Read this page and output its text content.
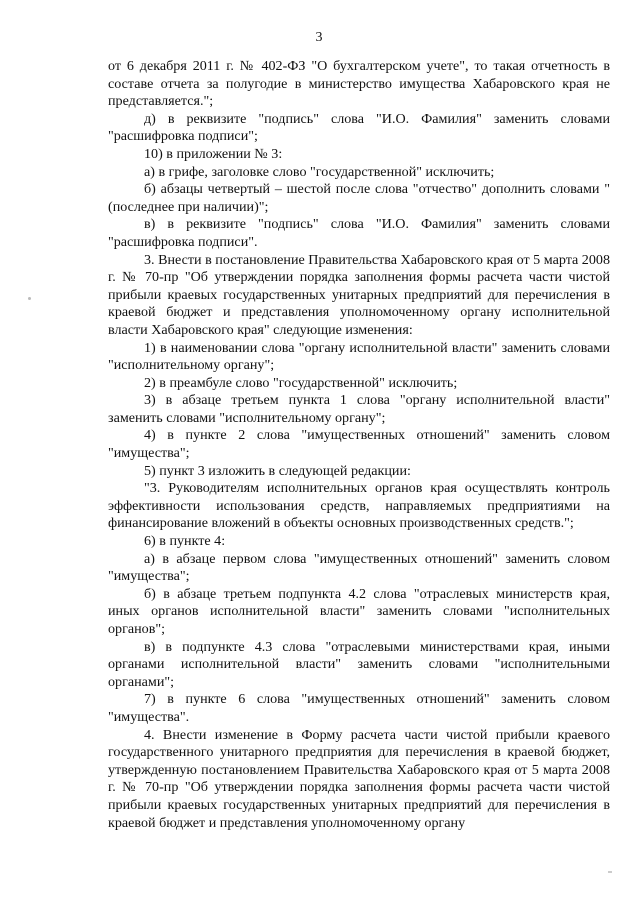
3

от 6 декабря 2011 г. № 402-ФЗ "О бухгалтерском учете", то такая отчетность в составе отчета за полугодие в министерство имущества Хабаровского края не представляется.";

д) в реквизите "подпись" слова "И.О. Фамилия" заменить словами "расшифровка подписи";

10) в приложении № 3:

а) в грифе, заголовке слово "государственной" исключить;

б) абзацы четвертый – шестой после слова "отчество" дополнить словами "(последнее при наличии)";

в) в реквизите "подпись" слова "И.О. Фамилия" заменить словами "расшифровка подписи".

3. Внести в постановление Правительства Хабаровского края от 5 марта 2008 г. № 70-пр "Об утверждении порядка заполнения формы расчета части чистой прибыли краевых государственных унитарных предприятий для перечисления в краевой бюджет и представления уполномоченному органу исполнительной власти Хабаровского края" следующие изменения:

1) в наименовании слова "органу исполнительной власти" заменить словами "исполнительному органу";

2) в преамбуле слово "государственной" исключить;

3) в абзаце третьем пункта 1 слова "органу исполнительной власти" заменить словами "исполнительному органу";

4) в пункте 2 слова "имущественных отношений" заменить словом "имущества";

5) пункт 3 изложить в следующей редакции:

"3. Руководителям исполнительных органов края осуществлять контроль эффективности использования средств, направляемых предприятиями на финансирование вложений в объекты основных производственных средств.";

6) в пункте 4:

а) в абзаце первом слова "имущественных отношений" заменить словом "имущества";

б) в абзаце третьем подпункта 4.2 слова "отраслевых министерств края, иных органов исполнительной власти" заменить словами "исполнительных органов";

в) в подпункте 4.3 слова "отраслевыми министерствами края, иными органами исполнительной власти" заменить словами "исполнительными органами";

7) в пункте 6 слова "имущественных отношений" заменить словом "имущества".

4. Внести изменение в Форму расчета части чистой прибыли краевого государственного унитарного предприятия для перечисления в краевой бюджет, утвержденную постановлением Правительства Хабаровского края от 5 марта 2008 г. № 70-пр "Об утверждении порядка заполнения формы расчета части чистой прибыли краевых государственных унитарных предприятий для перечисления в краевой бюджет и представления уполномоченному органу
